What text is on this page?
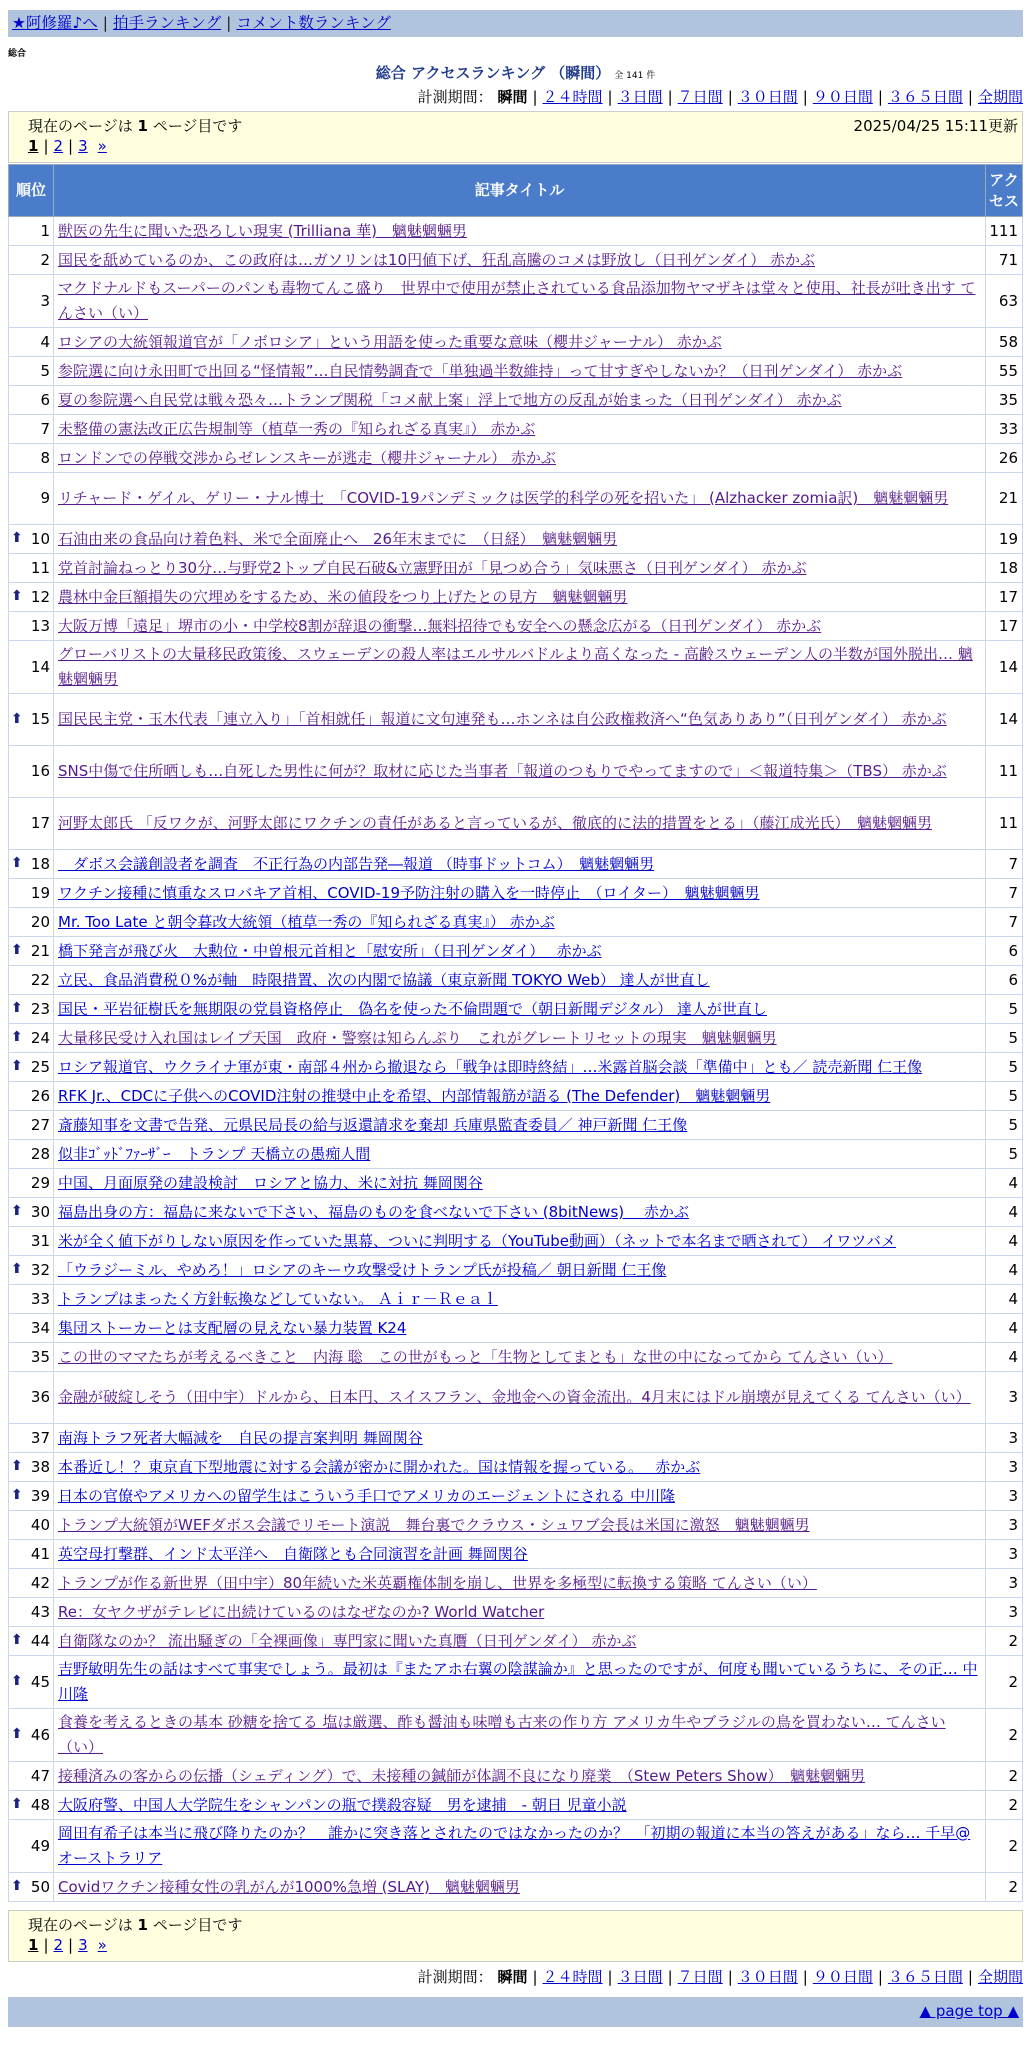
★阿修羅♪へ | 拍手ランキング | コメント数ランキング
総合
総合 アクセスランキング （瞬間） 全 141 件
計測期間： 瞬間 | ２４時間 | ３日間 | ７日間 | ３０日間 | ９０日間 | ３６５日間 | 全期間
現在のページは 1 ページ目です	2025/04/25 15:11更新
1 | 2 | 3 »
順位	記事タイトル	アクセス
1	獣医の先生に聞いた恐ろしい現実 (Trilliana 華)　魑魅魍魎男	111
2	国民を舐めているのか、この政府は…ガソリンは10円値下げ、狂乱高騰のコメは野放し（日刊ゲンダイ） 赤かぶ	71
3	マクドナルドもスーパーのパンも毒物てんこ盛り　世界中で使用が禁止されている食品添加物ヤマザキは堂々と使用、社長が吐き出す てんさい（い）	63
4	ロシアの大統領報道官が「ノボロシア」という用語を使った重要な意味（櫻井ジャーナル） 赤かぶ	58
5	参院選に向け永田町で出回る“怪情報”…自民情勢調査で「単独過半数維持」って甘すぎやしないか？（日刊ゲンダイ） 赤かぶ	55
6	夏の参院選へ自民党は戦々恐々…トランプ関税「コメ献上案」浮上で地方の反乱が始まった（日刊ゲンダイ） 赤かぶ	35
7	未整備の憲法改正広告規制等（植草一秀の『知られざる真実』） 赤かぶ	33
8	ロンドンでの停戦交渉からゼレンスキーが逃走（櫻井ジャーナル） 赤かぶ	26
9	リチャード・ゲイル、ゲリー・ナル博士　「COVID-19パンデミックは医学的科学の死を招いた」 (Alzhacker zomia訳)　魑魅魍魎男	21

⬆ 10	石油由来の食品向け着色料、米で全面廃止へ　26年末までに　（日経）　魑魅魍魎男	19
11	党首討論ねっとり30分…与野党2トップ自民石破&立憲野田が「見つめ合う」気味悪さ（日刊ゲンダイ） 赤かぶ	18

⬆ 12	農林中金巨額損失の穴埋めをするため、米の値段をつり上げたとの見方　魑魅魍魎男	17
13	大阪万博「遠足」堺市の小・中学校8割が辞退の衝撃…無料招待でも安全への懸念広がる（日刊ゲンダイ） 赤かぶ	17
14	グローバリストの大量移民政策後、スウェーデンの殺人率はエルサルバドルより高くなった - 高齢スウェーデン人の半数が国外脱出… 魑魅魍魎男	14

⬆ 15	国民民主党・玉木代表「連立入り」「首相就任」報道に文句連発も…ホンネは自公政権救済へ“色気ありあり”（日刊ゲンダイ） 赤かぶ	14
16	SNS中傷で住所晒しも…自死した男性に何が？取材に応じた当事者「報道のつもりでやってますので」＜報道特集＞（TBS） 赤かぶ	11
17	河野太郎氏 「反ワクが、河野太郎にワクチンの責任があると言っているが、徹底的に法的措置をとる」（藤江成光氏）　魑魅魍魎男	11

⬆ 18	　ダボス会議創設者を調査　不正行為の内部告発―報道 （時事ドットコム）　魑魅魍魎男	7
19	ワクチン接種に慎重なスロバキア首相、COVID-19予防注射の購入を一時停止　（ロイター）　魑魅魍魎男	7
20	Mr. Too Late と朝令暮改大統領（植草一秀の『知られざる真実』） 赤かぶ	7

⬆ 21	橋下発言が飛び火　大勲位・中曽根元首相と「慰安所」（日刊ゲンダイ）　 赤かぶ	6
22	立民、食品消費税０%が軸　時限措置、次の内閣で協議（東京新聞 TOKYO Web） 達人が世直し	6

⬆ 23	国民・平岩征樹氏を無期限の党員資格停止　偽名を使った不倫問題で（朝日新聞デジタル） 達人が世直し	5

⬆ 24	大量移民受け入れ国はレイプ天国　政府・警察は知らんぷり　これがグレートリセットの現実　魑魅魍魎男	5

⬆ 25	ロシア報道官、ウクライナ軍が東・南部４州から撤退なら「戦争は即時終結」…米露首脳会談「準備中」とも／ 読売新聞 仁王像	5
26	RFK Jr.、CDCに子供へのCOVID注射の推奨中止を希望、内部情報筋が語る (The Defender)　魑魅魍魎男	5
27	斎藤知事を文書で告発、元県民局長の給与返還請求を棄却 兵庫県監査委員／ 神戸新聞 仁王像	5
28	似非ｺﾞｯﾄﾞﾌｧｰｻﾞｰ　トランプ 天橋立の愚痴人間	5
29	中国、月面原発の建設検討　ロシアと協力、米に対抗 舞岡関谷	4

⬆ 30	福島出身の方：福島に来ないで下さい、福島のものを食べないで下さい (8bitNews)　 赤かぶ	4
31	米が全く値下がりしない原因を作っていた黒幕、ついに判明する（YouTube動画）（ネットで本名まで晒されて） イワツバメ	4

⬆ 32	「ウラジーミル、やめろ！」ロシアのキーウ攻撃受けトランプ氏が投稿／ 朝日新聞 仁王像	4
33	トランプはまったく方針転換などしていない。 Ａｉｒ－Ｒｅａｌ	4
34	集団ストーカーとは支配層の見えない暴力装置 K24	4
35	この世のママたちが考えるべきこと　内海 聡　この世がもっと「生物としてまとも」な世の中になってから てんさい（い）	4
36	金融が破綻しそう（田中宇）ドルから、日本円、スイスフラン、金地金への資金流出。4月末にはドル崩壊が見えてくる てんさい（い）	3
37	南海トラフ死者大幅減を　自民の提言案判明 舞岡関谷	3

⬆ 38	本番近し！？東京直下型地震に対する会議が密かに開かれた。国は情報を握っている。　 赤かぶ	3

⬆ 39	日本の官僚やアメリカへの留学生はこういう手口でアメリカのエージェントにされる 中川隆	3
40	トランプ大統領がWEFダボス会議でリモート演説　舞台裏でクラウス・シュワブ会長は米国に激怒　魑魅魍魎男	3
41	英空母打撃群、インド太平洋へ　自衛隊とも合同演習を計画 舞岡関谷	3
42	トランプが作る新世界（田中宇）80年続いた米英覇権体制を崩し、世界を多極型に転換する策略 てんさい（い）	3
43	Re：女ヤクザがテレビに出続けているのはなぜなのか? World Watcher	3

⬆ 44	自衛隊なのか？ 流出騒ぎの「全裸画像」専門家に聞いた真贋（日刊ゲンダイ） 赤かぶ	2

⬆ 45	吉野敏明先生の話はすべて事実でしょう。最初は『またアホ右翼の陰謀論か』と思ったのですが、何度も聞いているうちに、その正… 中川隆	2

⬆ 46	食養を考えるときの基本 砂糖を捨てる 塩は厳選、酢も醤油も味噌も古来の作り方 アメリカ牛やブラジルの鳥を買わない… てんさい（い）	2
47	接種済みの客からの伝播（シェディング）で、未接種の鍼師が体調不良になり廃業　（Stew Peters Show）　魑魅魍魎男	2

⬆ 48	大阪府警、中国人大学院生をシャンパンの瓶で撲殺容疑　男を逮捕　- 朝日 児童小説	2
49	岡田有希子は本当に飛び降りたのか？　誰かに突き落とされたのではなかったのか？　「初期の報道に本当の答えがある」なら… 千早@オーストラリア	2

⬆ 50	Covidワクチン接種女性の乳がんが1000%急増 (SLAY)　魑魅魍魎男	2
現在のページは 1 ページ目です
1 | 2 | 3 »
計測期間： 瞬間 | ２４時間 | ３日間 | ７日間 | ３０日間 | ９０日間 | ３６５日間 | 全期間
▲ page top ▲
